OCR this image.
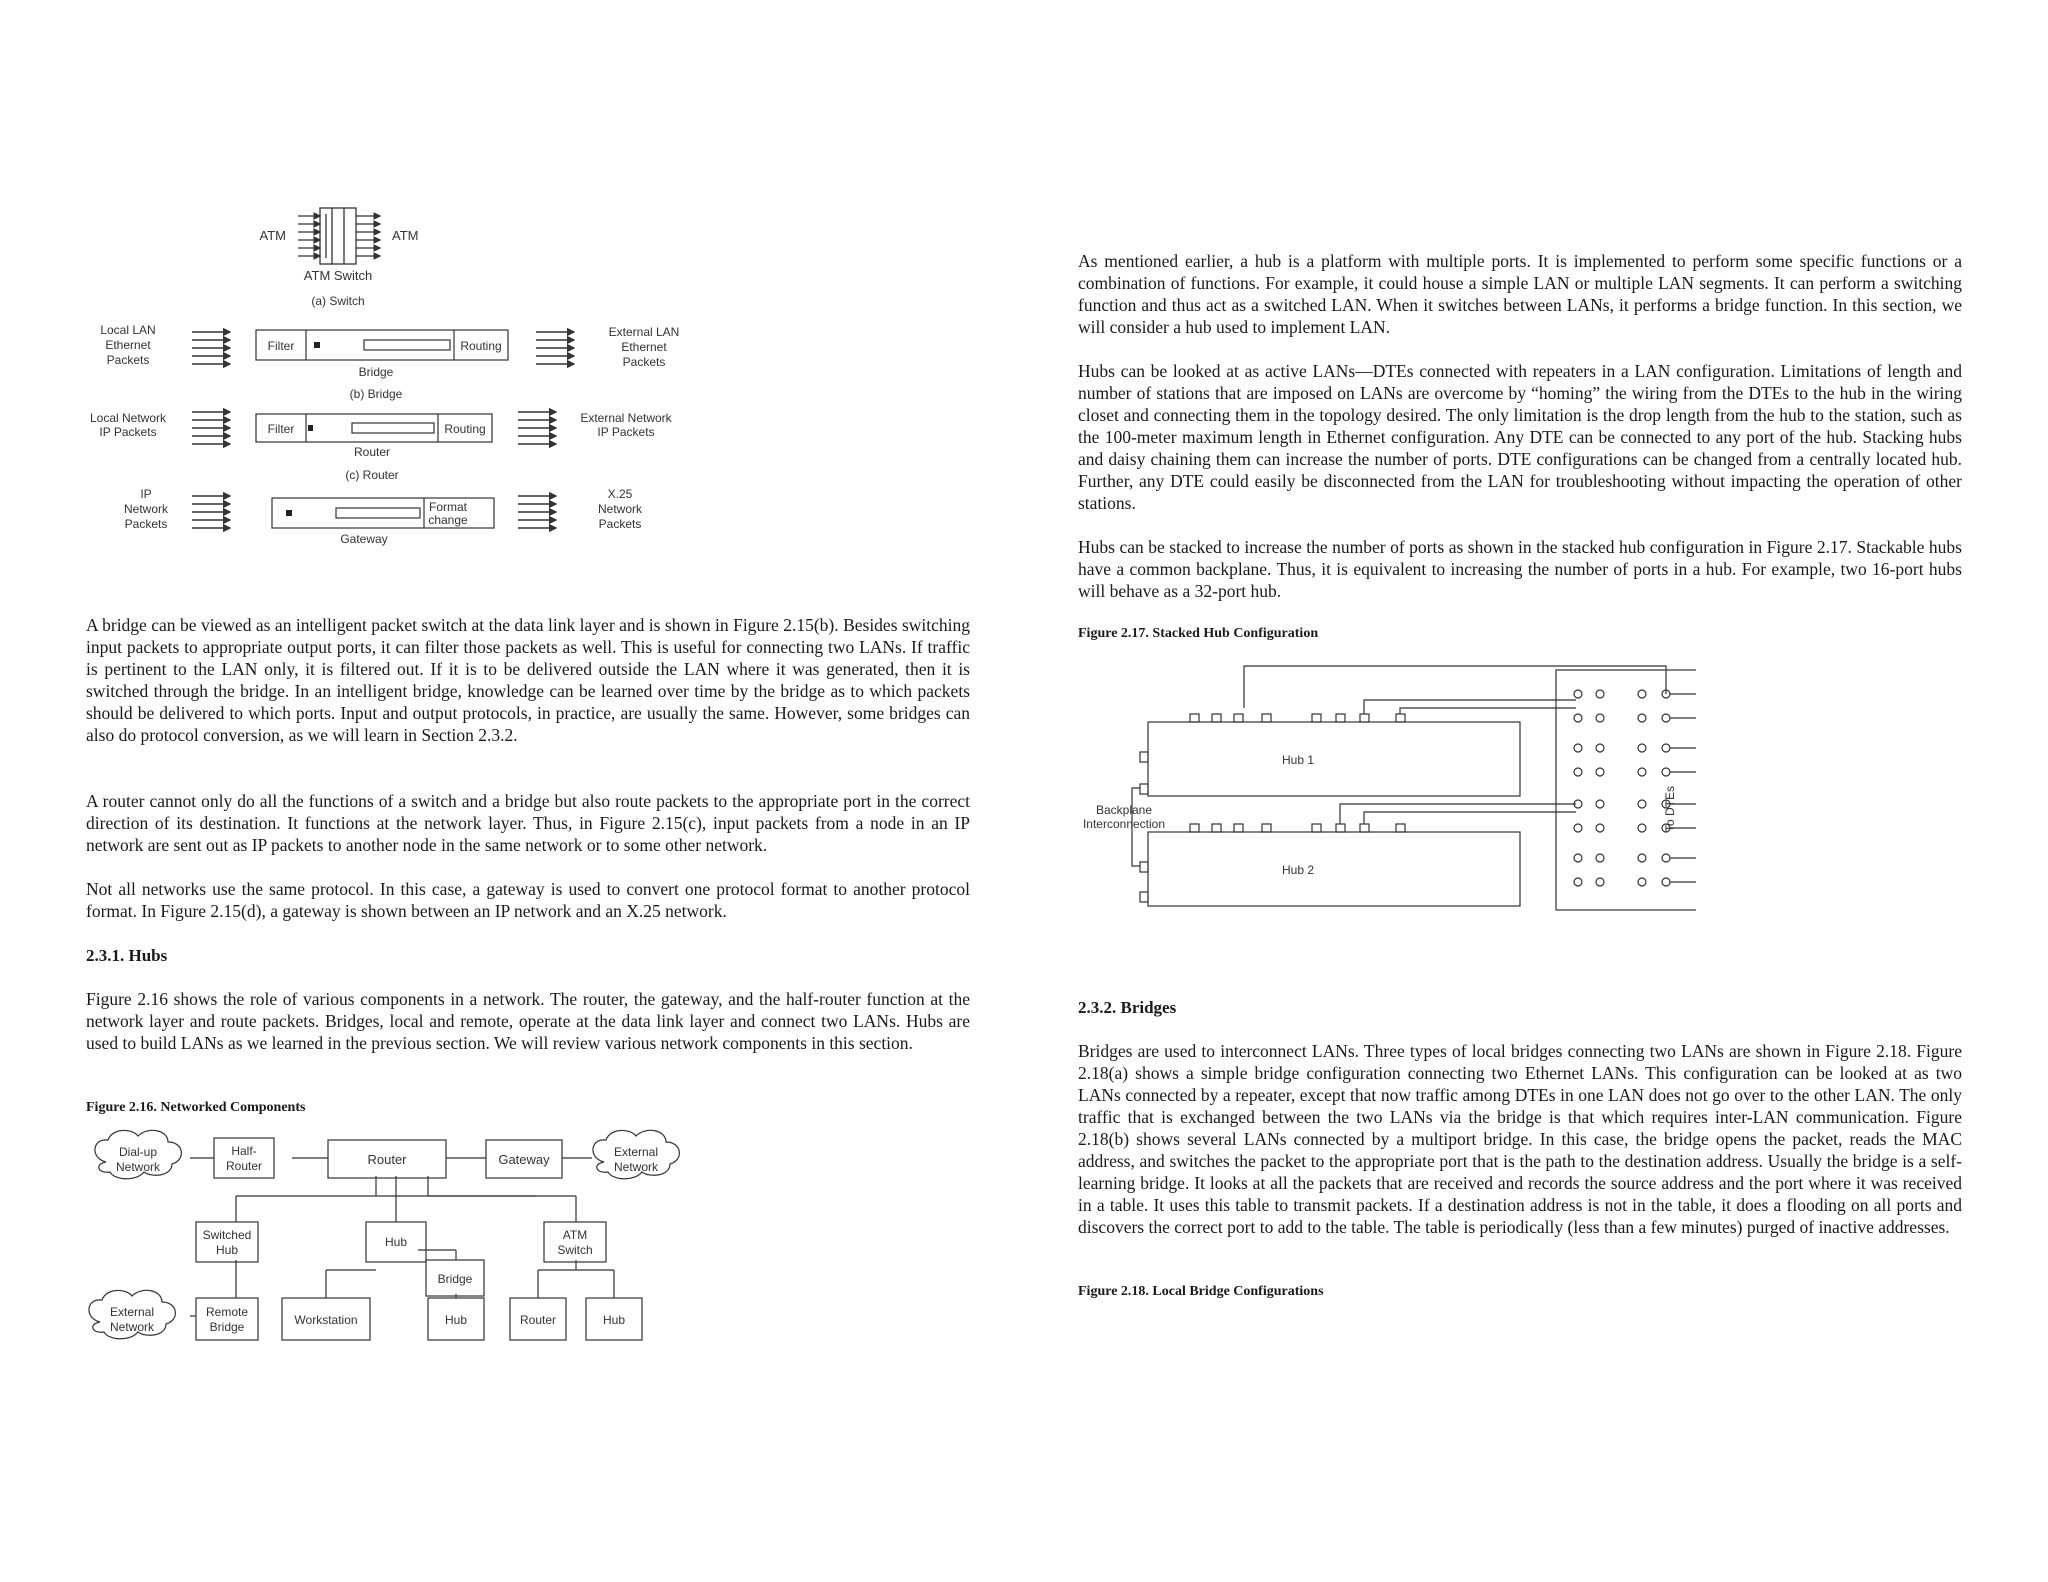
ATM	ATM
ATM Switch
(a) Switch
Local LAN
Ethernet
Packets
Filter	Routing
Bridge
(b) Bridge
External LAN
Ethernet
Packets
Local Network
IP Packets	Filter	Routing
Router
(c) Router
External Network
IP Packets
IP
Network
Packets
Format
change
Gateway
X.25
Network
Packets

A bridge can be viewed as an intelligent packet switch at the data link layer and is shown in Figure 2.15(b). Besides switching input packets to appropriate output ports, it can filter those packets as well. This is useful for connecting two LANs. If traffic is pertinent to the LAN only, it is filtered out. If it is to be delivered outside the LAN where it was generated, then it is switched through the bridge. In an intelligent bridge, knowledge can be learned over time by the bridge as to which packets should be delivered to which ports. Input and output protocols, in practice, are usually the same. However, some bridges can also do protocol conversion, as we will learn in Section 2.3.2.

A router cannot only do all the functions of a switch and a bridge but also route packets to the appropriate port in the correct direction of its destination. It functions at the network layer. Thus, in Figure 2.15(c), input packets from a node in an IP network are sent out as IP packets to another node in the same network or to some other network.

Not all networks use the same protocol. In this case, a gateway is used to convert one protocol format to another protocol format. In Figure 2.15(d), a gateway is shown between an IP network and an X.25 network.

2.3.1. Hubs

Figure 2.16 shows the role of various components in a network. The router, the gateway, and the half-router function at the network layer and route packets. Bridges, local and remote, operate at the data link layer and connect two LANs. Hubs are used to build LANs as we learned in the previous section. We will review various network components in this section.

Figure 2.16. Networked Components

Dial-up
Network
Half-
Router	Router	Gateway	External
Network
Switched
Hub
Hub	ATM
Switch
Bridge
External
Network
Remote
Bridge	Workstation	Hub	Router	Hub

As mentioned earlier, a hub is a platform with multiple ports. It is implemented to perform some specific functions or a combination of functions. For example, it could house a simple LAN or multiple LAN segments. It can perform a switching function and thus act as a switched LAN. When it switches between LANs, it performs a bridge function. In this section, we will consider a hub used to implement LAN.

Hubs can be looked at as active LANs—DTEs connected with repeaters in a LAN configuration. Limitations of length and number of stations that are imposed on LANs are overcome by “homing” the wiring from the DTEs to the hub in the wiring closet and connecting them in the topology desired. The only limitation is the drop length from the hub to the station, such as the 100-meter maximum length in Ethernet configuration. Any DTE can be connected to any port of the hub. Stacking hubs and daisy chaining them can increase the number of ports. DTE configurations can be changed from a centrally located hub. Further, any DTE could easily be disconnected from the LAN for troubleshooting without impacting the operation of other stations.

Hubs can be stacked to increase the number of ports as shown in the stacked hub configuration in Figure 2.17. Stackable hubs have a common backplane. Thus, it is equivalent to increasing the number of ports in a hub. For example, two 16-port hubs will behave as a 32-port hub.

Figure 2.17. Stacked Hub Configuration

Hub 1
Hub 2
Backplane
Interconnection	To DTEs

2.3.2. Bridges

Bridges are used to interconnect LANs. Three types of local bridges connecting two LANs are shown in Figure 2.18. Figure 2.18(a) shows a simple bridge configuration connecting two Ethernet LANs. This configuration can be looked at as two LANs connected by a repeater, except that now traffic among DTEs in one LAN does not go over to the other LAN. The only traffic that is exchanged between the two LANs via the bridge is that which requires inter-LAN communication. Figure 2.18(b) shows several LANs connected by a multiport bridge. In this case, the bridge opens the packet, reads the MAC address, and switches the packet to the appropriate port that is the path to the destination address. Usually the bridge is a self-learning bridge. It looks at all the packets that are received and records the source address and the port where it was received in a table. It uses this table to transmit packets. If a destination address is not in the table, it does a flooding on all ports and discovers the correct port to add to the table. The table is periodically (less than a few minutes) purged of inactive addresses.

Figure 2.18. Local Bridge Configurations
